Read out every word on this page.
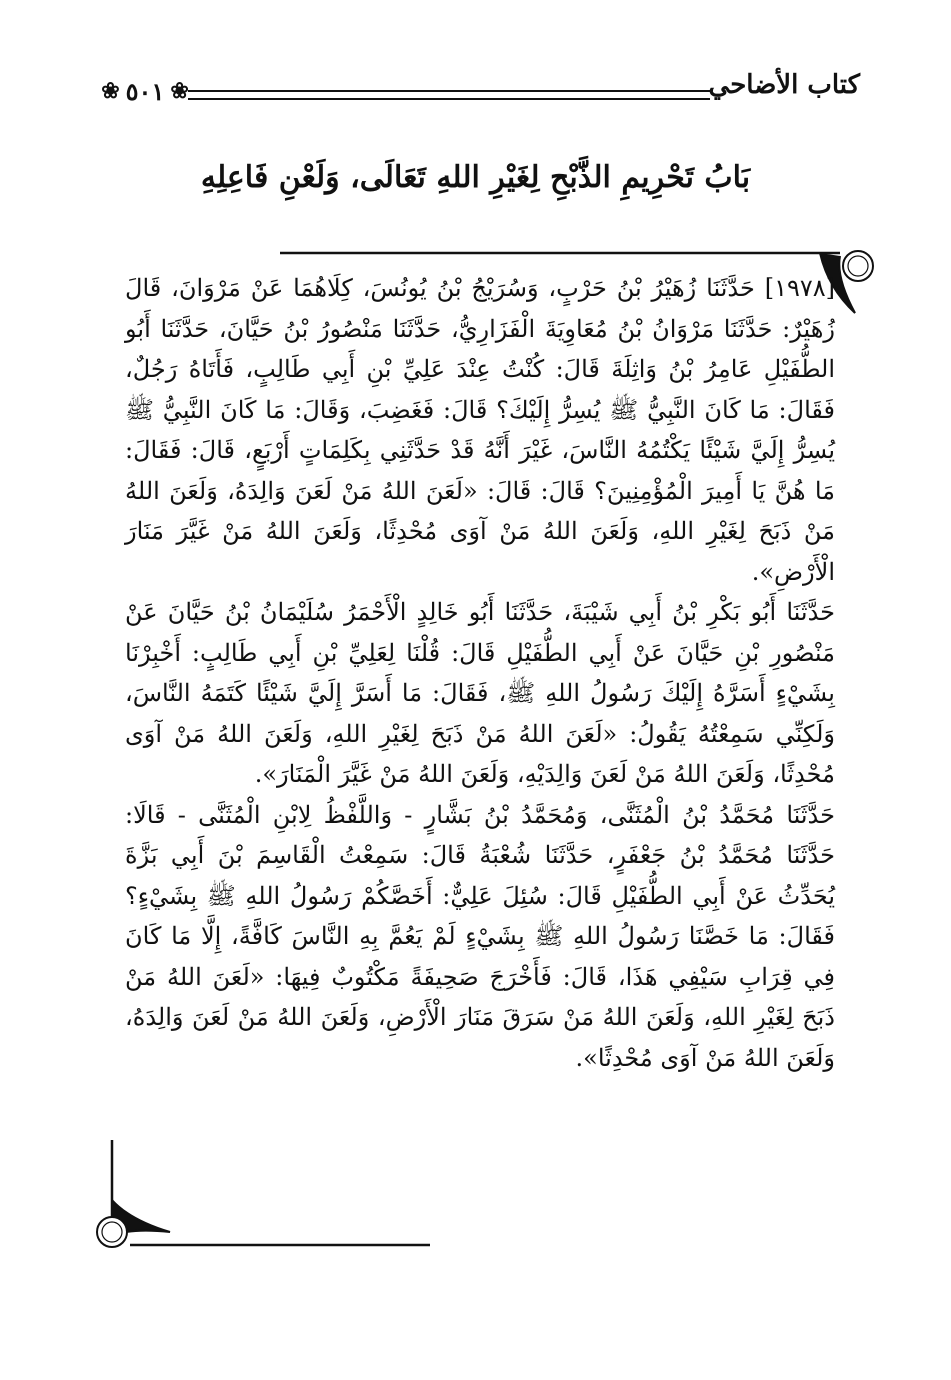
❀
٥٠١
❀	كتاب الأضاحي
بَابُ تَحْرِيمِ الذَّبْحِ لِغَيْرِ اللهِ تَعَالَى، وَلَعْنِ فَاعِلِهِ

[١٩٧٨] حَدَّثَنَا زُهَيْرُ بْنُ حَرْبٍ، وَسُرَيْجُ بْنُ يُونُسَ، كِلَاهُمَا عَنْ مَرْوَانَ، قَالَ زُهَيْرٌ: حَدَّثَنَا مَرْوَانُ بْنُ مُعَاوِيَةَ الْفَزَارِيُّ، حَدَّثَنَا مَنْصُورُ بْنُ حَيَّانَ، حَدَّثَنَا أَبُو الطُّفَيْلِ عَامِرُ بْنُ وَاثِلَةَ قَالَ: كُنْتُ عِنْدَ عَلِيِّ بْنِ أَبِي طَالِبٍ، فَأَتَاهُ رَجُلٌ، فَقَالَ: مَا كَانَ النَّبِيُّ ﷺ يُسِرُّ إِلَيْكَ؟ قَالَ: فَغَضِبَ، وَقَالَ: مَا كَانَ النَّبِيُّ ﷺ يُسِرُّ إِلَيَّ شَيْئًا يَكْتُمُهُ النَّاسَ، غَيْرَ أَنَّهُ قَدْ حَدَّثَنِي بِكَلِمَاتٍ أَرْبَعٍ، قَالَ: فَقَالَ: مَا هُنَّ يَا أَمِيرَ الْمُؤْمِنِينَ؟ قَالَ: قَالَ: «لَعَنَ اللهُ مَنْ لَعَنَ وَالِدَهُ، وَلَعَنَ اللهُ مَنْ ذَبَحَ لِغَيْرِ اللهِ، وَلَعَنَ اللهُ مَنْ آوَى مُحْدِثًا، وَلَعَنَ اللهُ مَنْ غَيَّرَ مَنَارَ الْأَرْضِ».

حَدَّثَنَا أَبُو بَكْرِ بْنُ أَبِي شَيْبَةَ، حَدَّثَنَا أَبُو خَالِدٍ الْأَحْمَرُ سُلَيْمَانُ بْنُ حَيَّانَ عَنْ مَنْصُورِ بْنِ حَيَّانَ عَنْ أَبِي الطُّفَيْلِ قَالَ: قُلْنَا لِعَلِيِّ بْنِ أَبِي طَالِبٍ: أَخْبِرْنَا بِشَيْءٍ أَسَرَّهُ إِلَيْكَ رَسُولُ اللهِ ﷺ، فَقَالَ: مَا أَسَرَّ إِلَيَّ شَيْئًا كَتَمَهُ النَّاسَ، وَلَكِنِّي سَمِعْتُهُ يَقُولُ: «لَعَنَ اللهُ مَنْ ذَبَحَ لِغَيْرِ اللهِ، وَلَعَنَ اللهُ مَنْ آوَى مُحْدِثًا، وَلَعَنَ اللهُ مَنْ لَعَنَ وَالِدَيْهِ، وَلَعَنَ اللهُ مَنْ غَيَّرَ الْمَنَارَ».

حَدَّثَنَا مُحَمَّدُ بْنُ الْمُثَنَّى، وَمُحَمَّدُ بْنُ بَشَّارٍ - وَاللَّفْظُ لِابْنِ الْمُثَنَّى - قَالَا: حَدَّثَنَا مُحَمَّدُ بْنُ جَعْفَرٍ، حَدَّثَنَا شُعْبَةُ قَالَ: سَمِعْتُ الْقَاسِمَ بْنَ أَبِي بَزَّةَ يُحَدِّثُ عَنْ أَبِي الطُّفَيْلِ قَالَ: سُئِلَ عَلِيٌّ: أَخَصَّكُمْ رَسُولُ اللهِ ﷺ بِشَيْءٍ؟ فَقَالَ: مَا خَصَّنَا رَسُولُ اللهِ ﷺ بِشَيْءٍ لَمْ يَعُمَّ بِهِ النَّاسَ كَافَّةً، إِلَّا مَا كَانَ فِي قِرَابِ سَيْفِي هَذَا، قَالَ: فَأَخْرَجَ صَحِيفَةً مَكْتُوبٌ فِيهَا: «لَعَنَ اللهُ مَنْ ذَبَحَ لِغَيْرِ اللهِ، وَلَعَنَ اللهُ مَنْ سَرَقَ مَنَارَ الْأَرْضِ، وَلَعَنَ اللهُ مَنْ لَعَنَ وَالِدَهُ، وَلَعَنَ اللهُ مَنْ آوَى مُحْدِثًا».
